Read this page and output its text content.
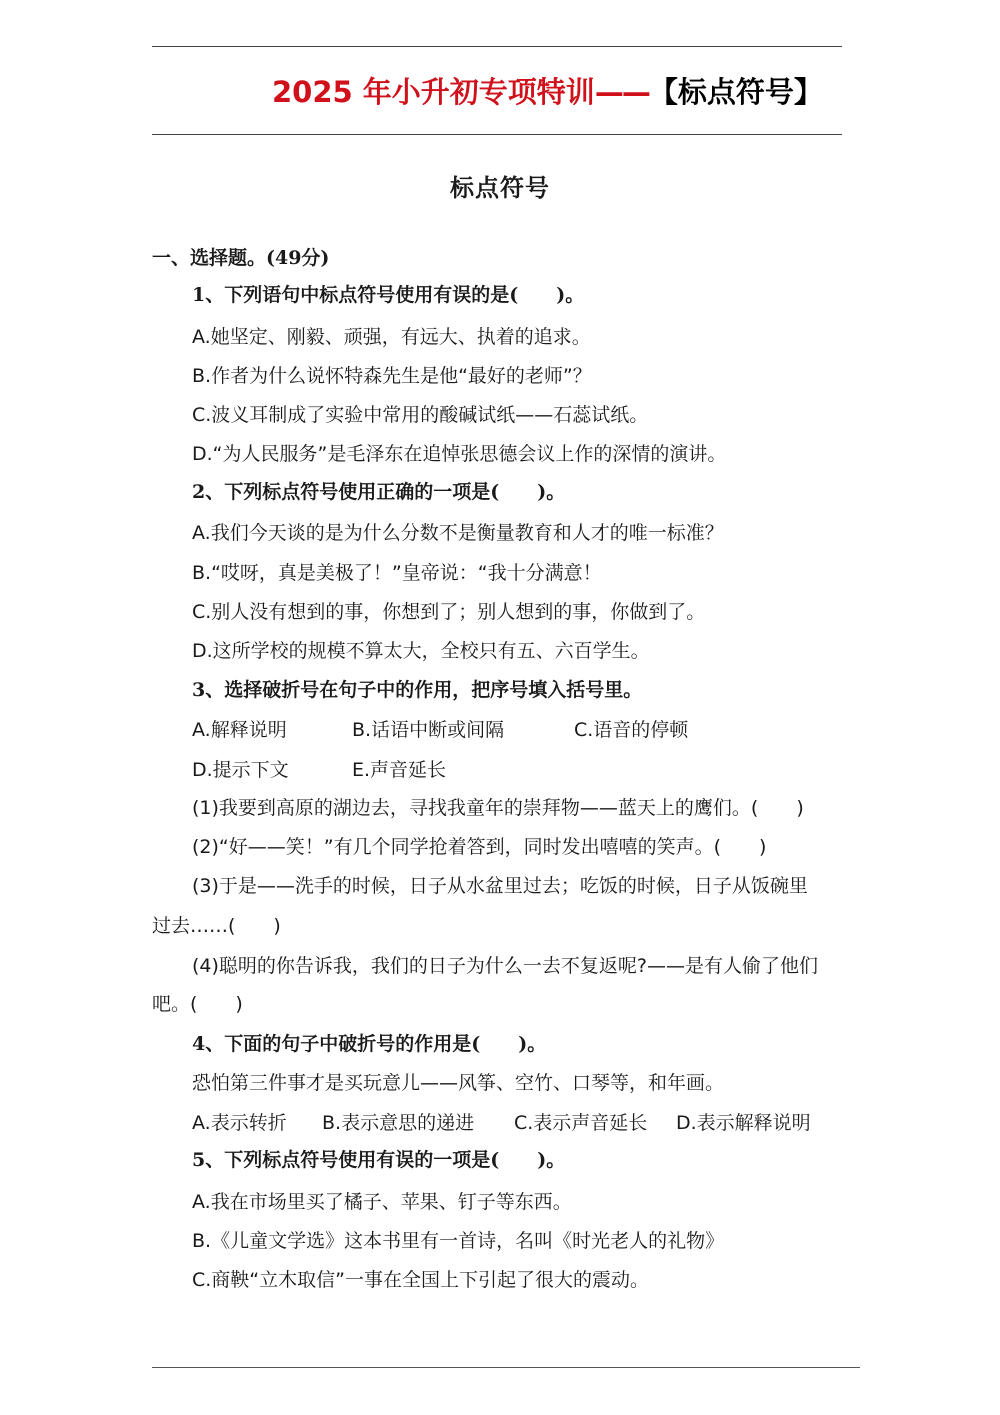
2025 年小升初专项特训——【标点符号】
标点符号
一、选择题。(49分)
1、下列语句中标点符号使用有误的是(　　)。
A.她坚定、刚毅、顽强，有远大、执着的追求。
B.作者为什么说怀特森先生是他“最好的老师”？
C.波义耳制成了实验中常用的酸碱试纸——石蕊试纸。
D.“为人民服务”是毛泽东在追悼张思德会议上作的深情的演讲。
2、下列标点符号使用正确的一项是(　　)。
A.我们今天谈的是为什么分数不是衡量教育和人才的唯一标准？
B.“哎呀，真是美极了！”皇帝说：“我十分满意！
C.别人没有想到的事，你想到了；别人想到的事，你做到了。
D.这所学校的规模不算太大，全校只有五、六百学生。
3、选择破折号在句子中的作用，把序号填入括号里。
A.解释说明	B.话语中断或间隔	C.语音的停顿
D.提示下文	E.声音延长
(1)我要到高原的湖边去，寻找我童年的崇拜物——蓝天上的鹰们。(　　)
(2)“好——笑！”有几个同学抢着答到，同时发出嘻嘻的笑声。(　　)
(3)于是——洗手的时候，日子从水盆里过去；吃饭的时候，日子从饭碗里
过去……(　　)
(4)聪明的你告诉我，我们的日子为什么一去不复返呢?——是有人偷了他们
吧。(　　)
4、下面的句子中破折号的作用是(　　)。
恐怕第三件事才是买玩意儿——风筝、空竹、口琴等，和年画。
A.表示转折 B.表示意思的递进 C.表示声音延长 D.表示解释说明
5、下列标点符号使用有误的一项是(　　)。
A.我在市场里买了橘子、苹果、钉子等东西。
B.《儿童文学选》这本书里有一首诗，名叫《时光老人的礼物》
C.商鞅“立木取信”一事在全国上下引起了很大的震动。
